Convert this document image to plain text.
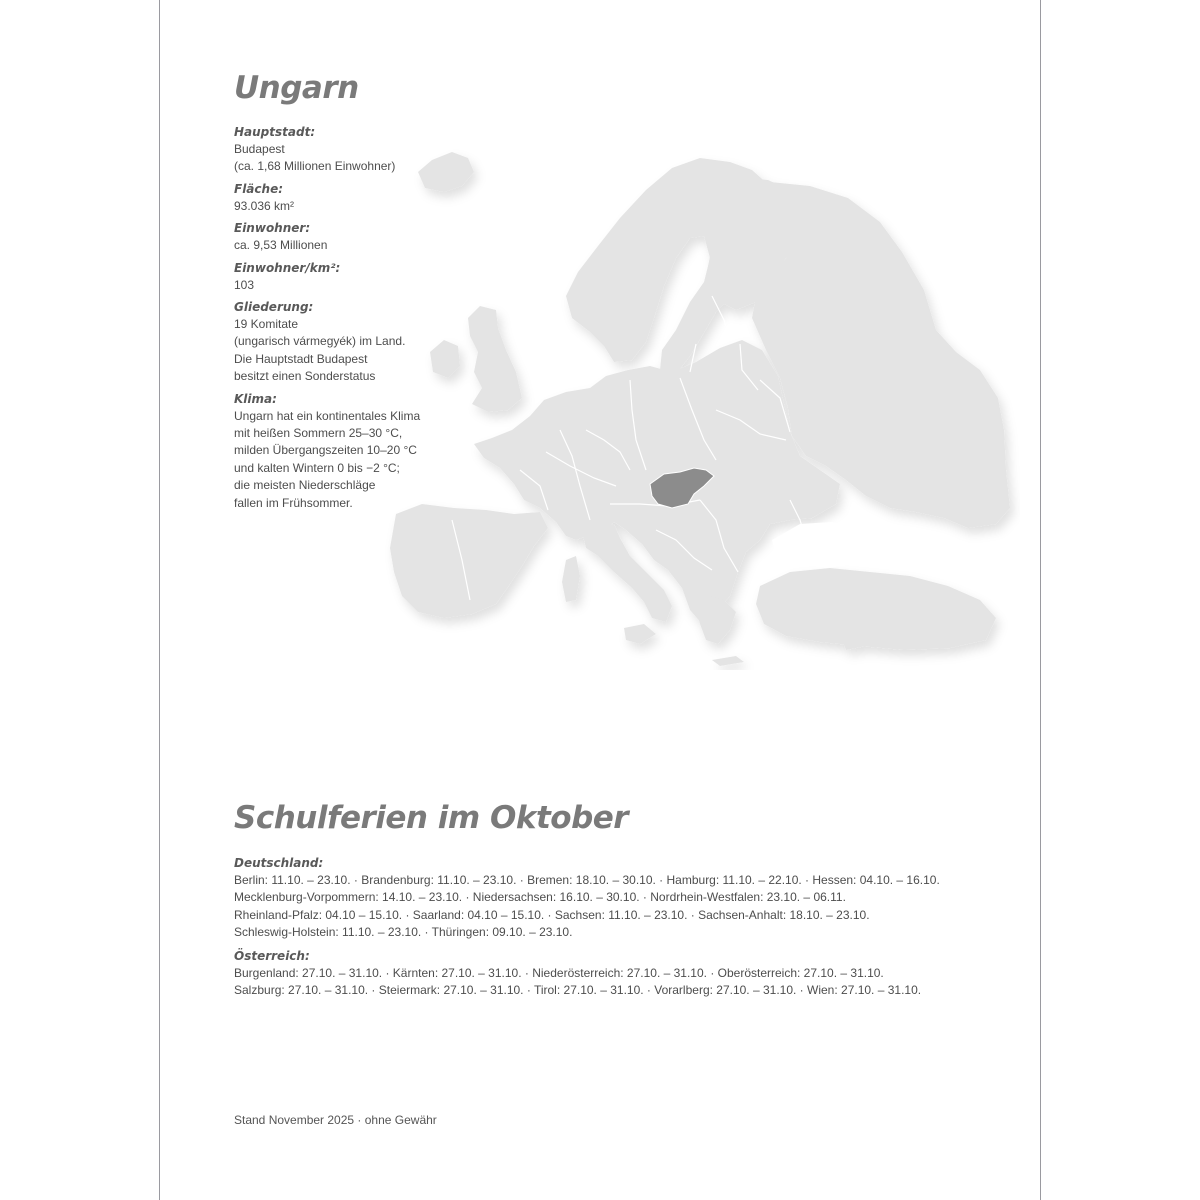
Ungarn
Hauptstadt:
Budapest
(ca. 1,68 Millionen Einwohner)
Fläche:
93.036 km²
Einwohner:
ca. 9,53 Millionen
Einwohner/km²:
103
Gliederung:
19 Komitate
(ungarisch vármegyék) im Land.
Die Hauptstadt Budapest
besitzt einen Sonderstatus
Klima:
Ungarn hat ein kontinentales Klima
mit heißen Sommern 25–30 °C,
milden Übergangszeiten 10–20 °C
und kalten Wintern 0 bis −2 °C;
die meisten Niederschläge
fallen im Frühsommer.
Schulferien im Oktober
Deutschland:
Berlin: 11.10. – 23.10. · Brandenburg: 11.10. – 23.10. · Bremen: 18.10. – 30.10. · Hamburg: 11.10. – 22.10. · Hessen: 04.10. – 16.10.
Mecklenburg-Vorpommern: 14.10. – 23.10. · Niedersachsen: 16.10. – 30.10. · Nordrhein-Westfalen: 23.10. – 06.11.
Rheinland-Pfalz: 04.10 – 15.10. · Saarland: 04.10 – 15.10. · Sachsen: 11.10. – 23.10. · Sachsen-Anhalt: 18.10. – 23.10.
Schleswig-Holstein: 11.10. – 23.10. · Thüringen: 09.10. – 23.10.
Österreich:
Burgenland: 27.10. – 31.10. · Kärnten: 27.10. – 31.10. · Niederösterreich: 27.10. – 31.10. · Oberösterreich: 27.10. – 31.10.
Salzburg: 27.10. – 31.10. · Steiermark: 27.10. – 31.10. · Tirol: 27.10. – 31.10. · Vorarlberg: 27.10. – 31.10. · Wien: 27.10. – 31.10.
Stand November 2025 · ohne Gewähr
